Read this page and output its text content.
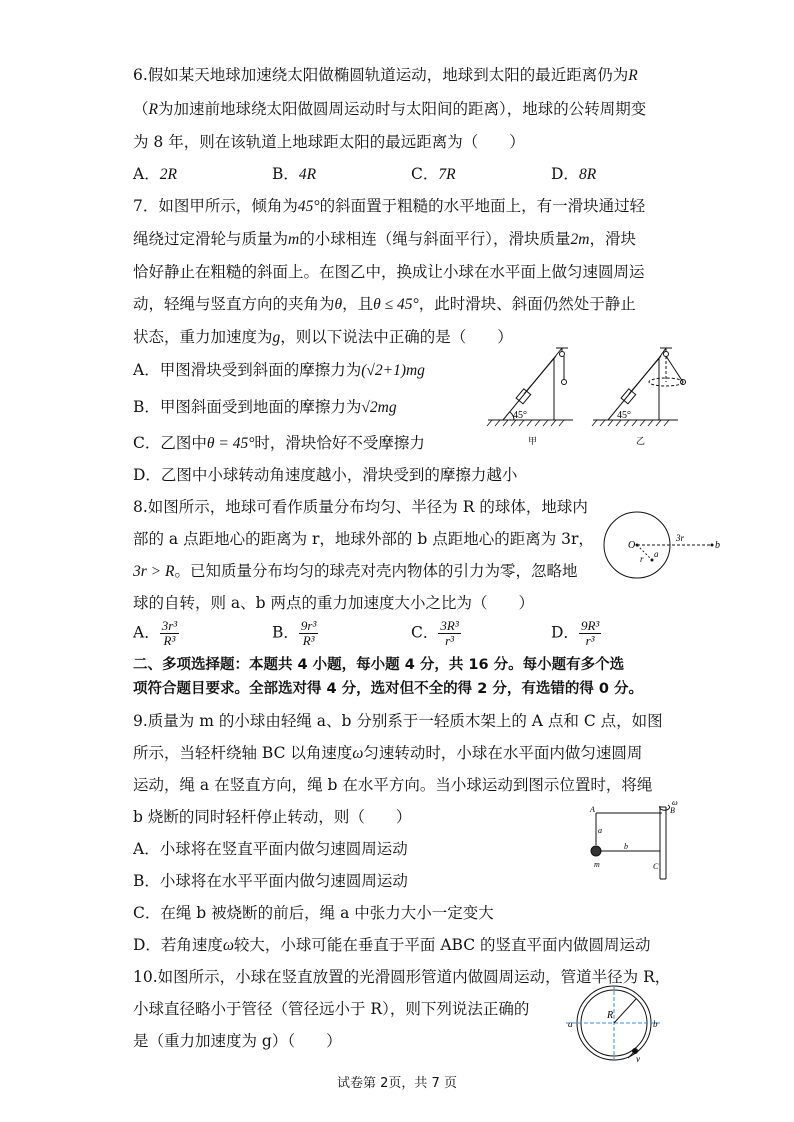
6.假如某天地球加速绕太阳做椭圆轨道运动，地球到太阳的最近距离仍为R
（R为加速前地球绕太阳做圆周运动时与太阳间的距离），地球的公转周期变
为 8 年，则在该轨道上地球距太阳的最远距离为（　　）
A．2R	B．4R	C．7R	D．8R
7．如图甲所示，倾角为45°的斜面置于粗糙的水平地面上，有一滑块通过轻
绳绕过定滑轮与质量为m的小球相连（绳与斜面平行），滑块质量2m，滑块
恰好静止在粗糙的斜面上。在图乙中，换成让小球在水平面上做匀速圆周运
动，轻绳与竖直方向的夹角为θ，且θ ≤ 45°，此时滑块、斜面仍然处于静止
状态，重力加速度为g，则以下说法中正确的是（　　）
A．甲图滑块受到斜面的摩擦力为(√2+1)mg
B．甲图斜面受到地面的摩擦力为√2mg
C．乙图中θ = 45°时，滑块恰好不受摩擦力
D．乙图中小球转动角速度越小，滑块受到的摩擦力越小
45°
甲
45°
乙
8.如图所示，地球可看作质量分布均匀、半径为 R 的球体，地球内
部的 a 点距地心的距离为 r，地球外部的 b 点距地心的距离为 3r，
3r > R。已知质量分布均匀的球壳对壳内物体的引力为零，忽略地
球的自转，则 a、b 两点的重力加速度大小之比为（　　）
A． $\frac{\text{3r³}}{\text{R³}}$	B． $\frac{\text{9r³}}{\text{R³}}$	C． $\frac{\text{3R³}}{\text{r³}}$	D． $\frac{\text{9R³}}{\text{r³}}$
O
r a
b
3r
二、多项选择题：本题共 4 小题，每小题 4 分，共 16 分。每小题有多个选
项符合题目要求。全部选对得 4 分，选对但不全的得 2 分，有选错的得 0 分。
9.质量为 m 的小球由轻绳 a、b 分别系于一轻质木架上的 A 点和 C 点，如图
所示，当轻杆绕轴 BC 以角速度ω匀速转动时，小球在水平面内做匀速圆周
运动，绳 a 在竖直方向，绳 b 在水平方向。当小球运动到图示位置时，将绳
b 烧断的同时轻杆停止转动，则（　　）
A．小球将在竖直平面内做匀速圆周运动
B．小球将在水平平面内做匀速圆周运动
C．在绳 b 被烧断的前后，绳 a 中张力大小一定变大
D．若角速度ω较大，小球可能在垂直于平面 ABC 的竖直平面内做圆周运动
A	B
C
a
b
m
ω
10.如图所示，小球在竖直放置的光滑圆形管道内做圆周运动，管道半径为 R，
小球直径略小于管径（管径远小于 R），则下列说法正确的
是（重力加速度为 g）（　　）
R
a	b
v
试卷第 2页，共 7 页
